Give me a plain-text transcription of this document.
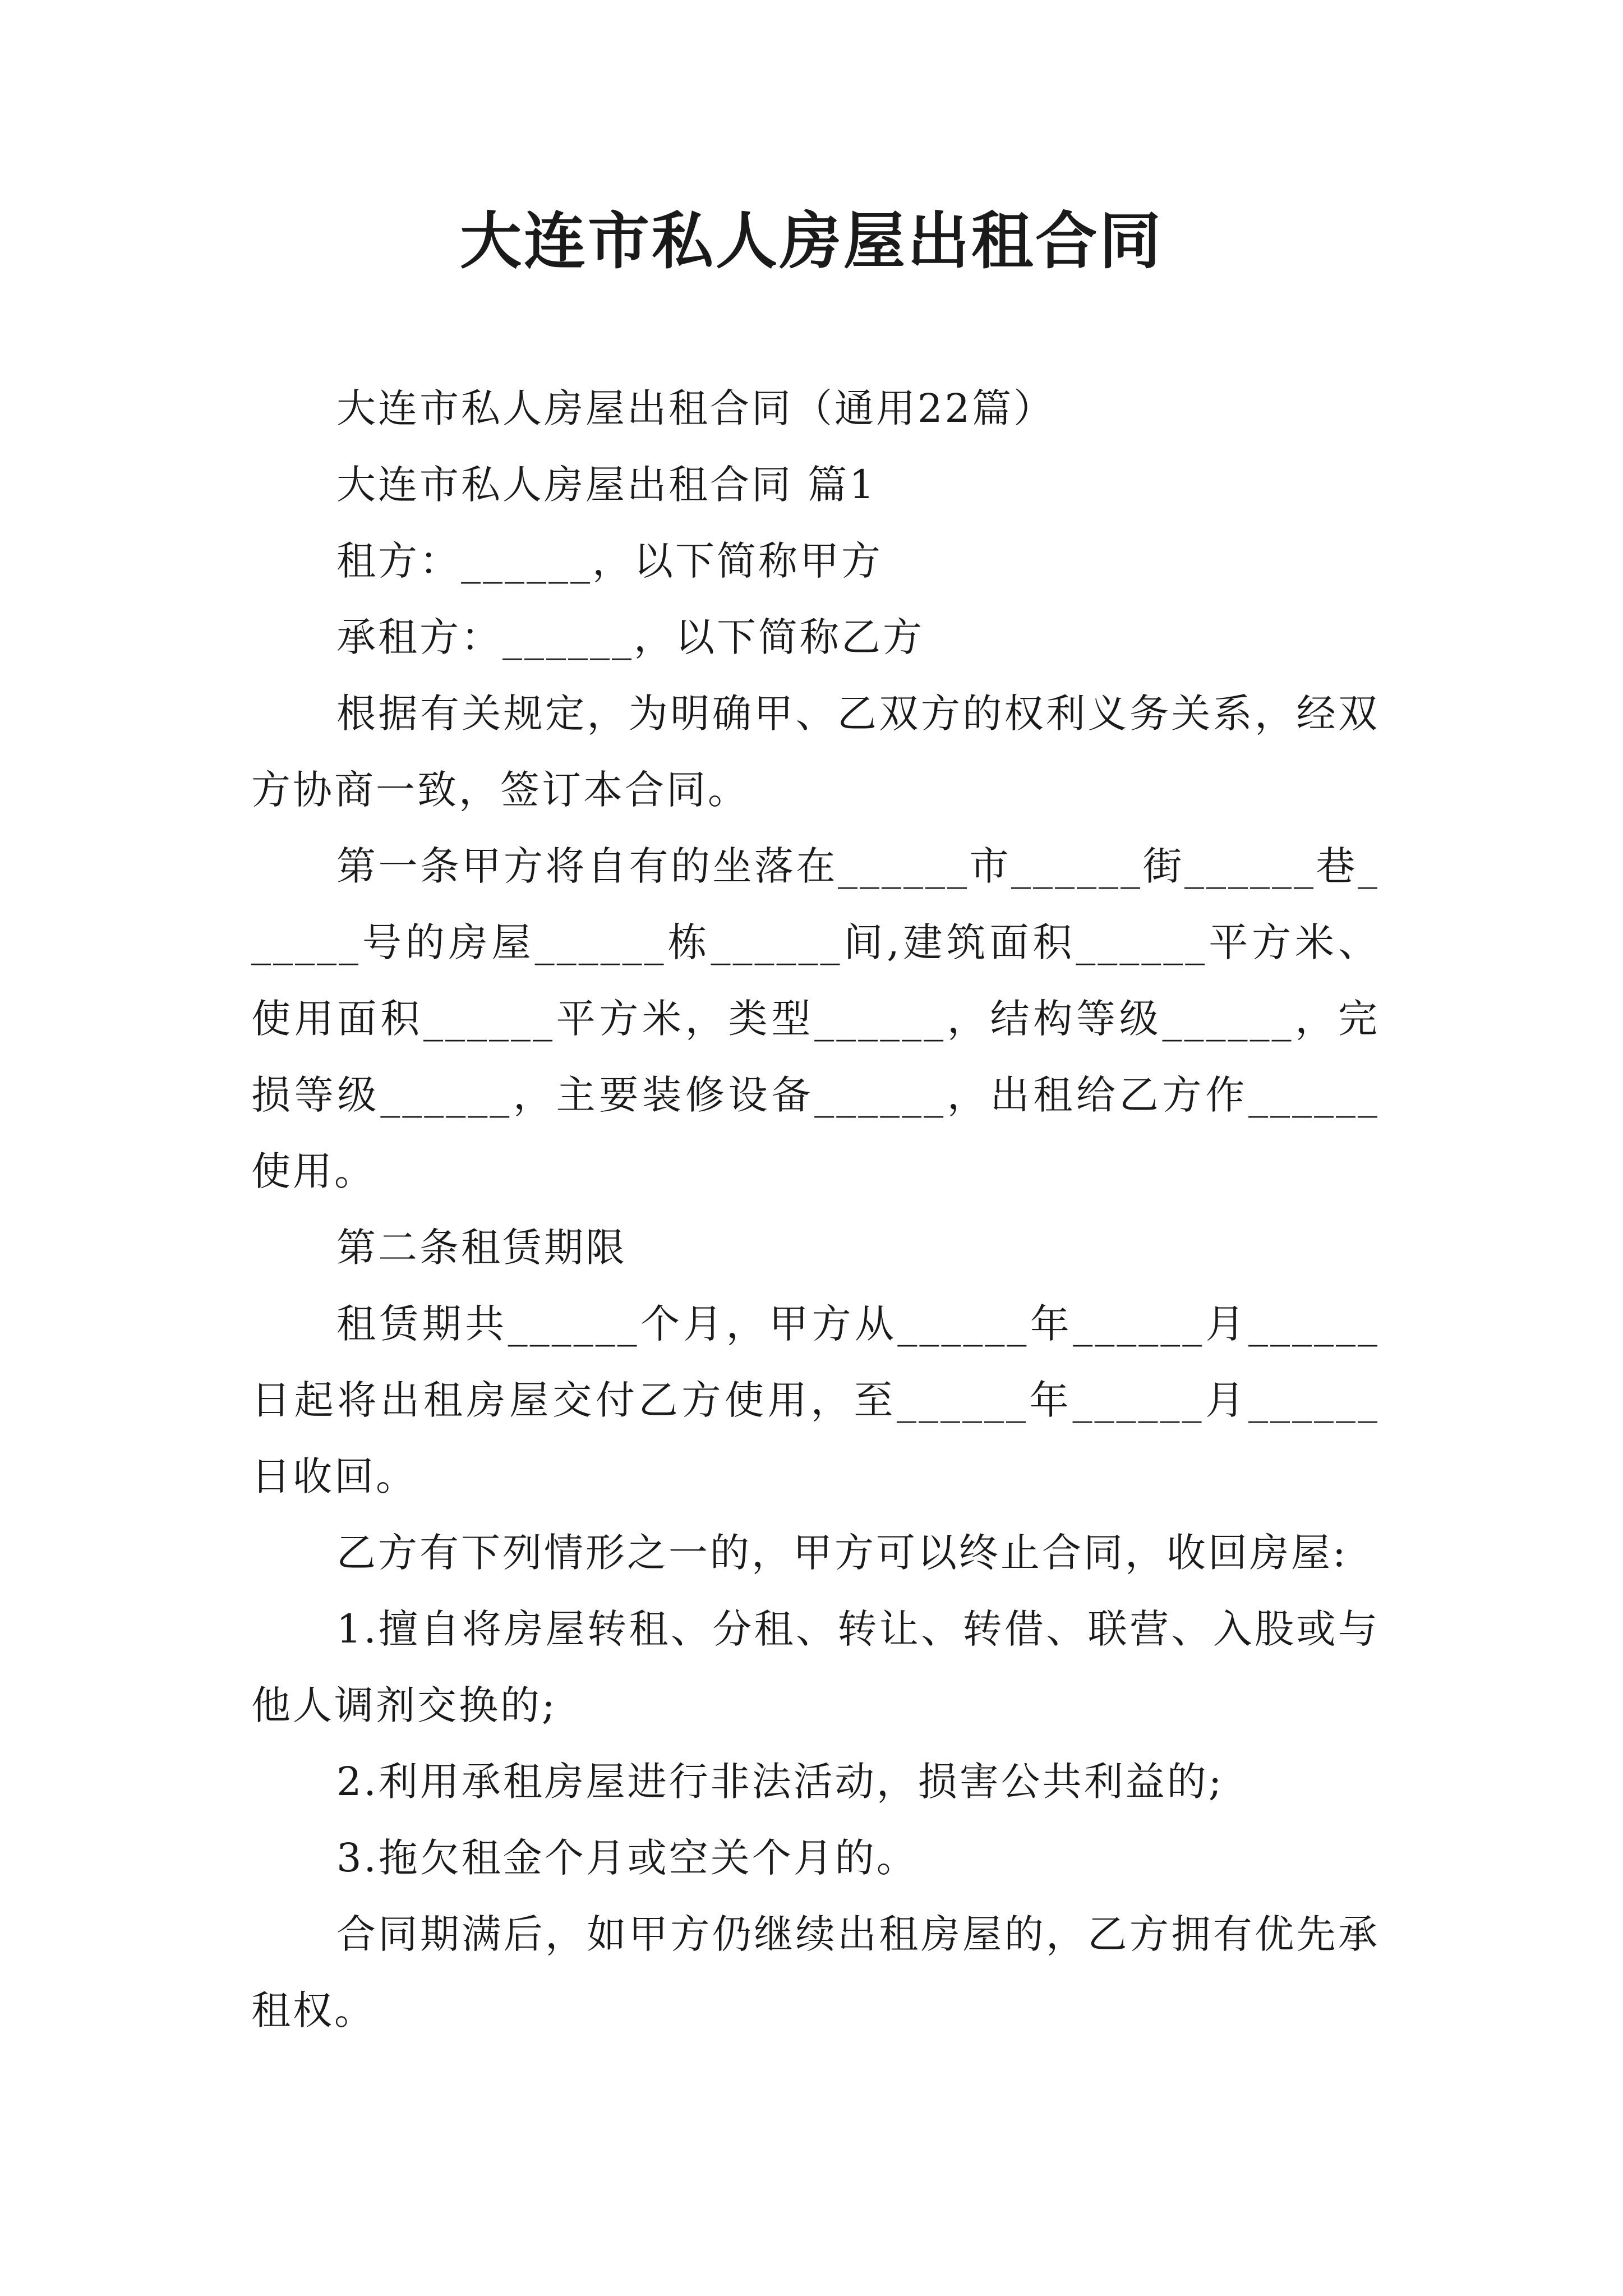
大连市私人房屋出租合同

大连市私人房屋出租合同（通用22篇）

大连市私人房屋出租合同 篇1

租方：______，以下简称甲方

承租方：______，以下简称乙方

根据有关规定，为明确甲、乙双方的权利义务关系，经双方协商一致，签订本合同。

第一条甲方将自有的坐落在______市______街______巷______号的房屋______栋______间,建筑面积______平方米、使用面积______平方米，类型______，结构等级______，完损等级______，主要装修设备______，出租给乙方作______使用。

第二条租赁期限

租赁期共______个月，甲方从______年______月______日起将出租房屋交付乙方使用，至______年______月______日收回。

乙方有下列情形之一的，甲方可以终止合同，收回房屋:

1.擅自将房屋转租、分租、转让、转借、联营、入股或与他人调剂交换的;

2.利用承租房屋进行非法活动，损害公共利益的;

3.拖欠租金个月或空关个月的。

合同期满后，如甲方仍继续出租房屋的，乙方拥有优先承租权。
